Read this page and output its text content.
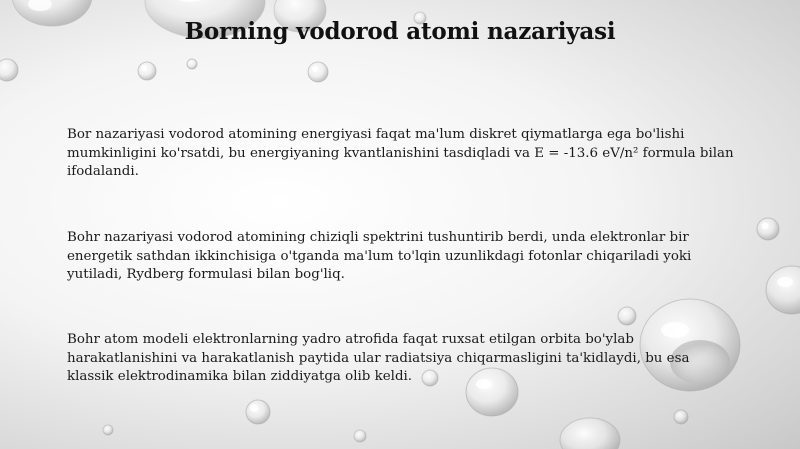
Borning vodorod atomi nazariyasi

Bor nazariyasi vodorod atomining energiyasi faqat ma'lum diskret qiymatlarga ega bo'lishi mumkinligini ko'rsatdi, bu energiyaning kvantlanishini tasdiqladi va E = -13.6 eV/n² formula bilan ifodalandi.

Bohr nazariyasi vodorod atomining chiziqli spektrini tushuntirib berdi, unda elektronlar bir energetik sathdan ikkinchisiga o'tganda ma'lum to'lqin uzunlikdagi fotonlar chiqariladi yoki yutiladi, Rydberg formulasi bilan bog'liq.

Bohr atom modeli elektronlarning yadro atrofida faqat ruxsat etilgan orbita bo'ylab harakatlanishini va harakatlanish paytida ular radiatsiya chiqarmasligini ta'kidlaydi, bu esa klassik elektrodinamika bilan ziddiyatga olib keldi.
